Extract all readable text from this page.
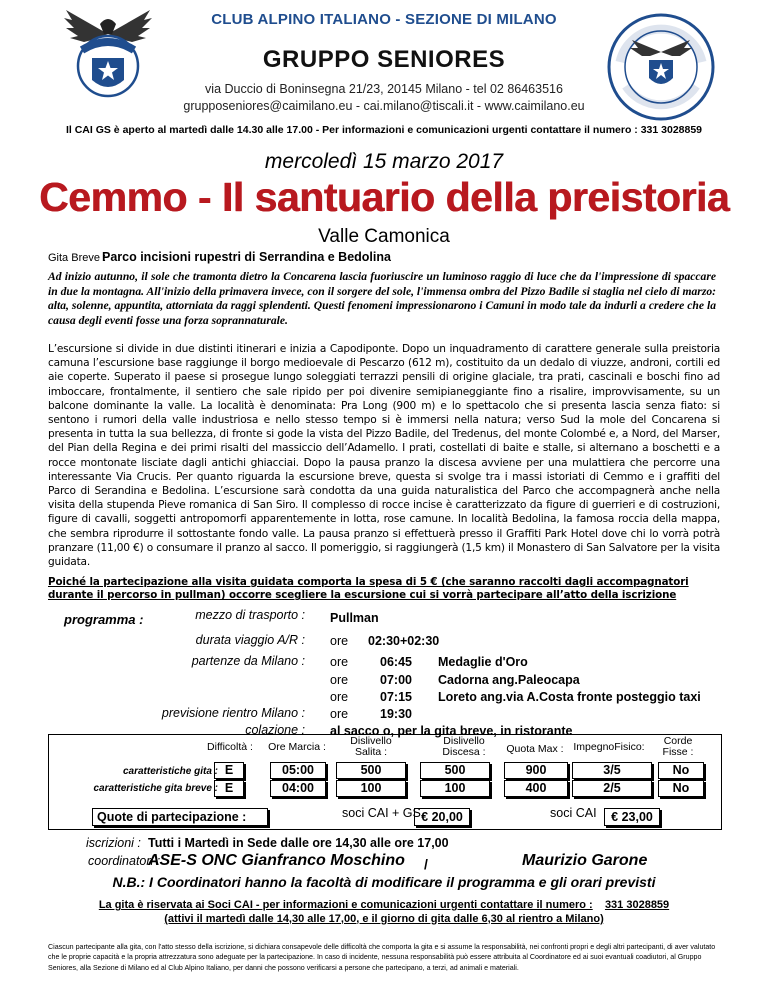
CLUB ALPINO ITALIANO - SEZIONE DI MILANO
GRUPPO SENIORES
via Duccio di Boninsegna 21/23, 20145 Milano - tel 02 86463516
grupposeniores@caimilano.eu - cai.milano@tiscali.it - www.caimilano.eu
Il CAI GS è aperto al martedì dalle 14.30 alle 17.00 - Per informazioni e comunicazioni urgenti contattare il numero : 331 3028859
mercoledì 15 marzo 2017
Cemmo - Il santuario della preistoria
Valle Camonica
Gita Breve :
Parco incisioni rupestri di Serrandina e Bedolina
Ad inizio autunno, il sole che tramonta dietro la Concarena lascia fuoriuscire un luminoso raggio di luce che da l'impressione di spaccare in due la montagna. All'inizio della primavera invece, con il sorgere del sole, l'immensa ombra del Pizzo Badile si staglia nel cielo di marzo: alta, solenne, appuntita, attorniata da raggi splendenti. Questi fenomeni impressionarono i Camuni in modo tale da indurli a credere che la causa degli eventi fosse una forza soprannaturale.
L’escursione si divide in due distinti itinerari e inizia a Capodiponte. Dopo un inquadramento di carattere generale sulla preistoria camuna l’escursione base raggiunge il borgo medioevale di Pescarzo (612 m), costituito da un dedalo di viuzze, androni, cortili ed aie coperte. Superato il paese si prosegue lungo soleggiati terrazzi pensili di origine glaciale, tra prati, cascinali e boschi fino ad imboccare, frontalmente, il sentiero che sale ripido per poi divenire semipianeggiante fino a risalire, improvvisamente, su un balcone dominante la valle. La località è denominata: Pra Long (900 m) e lo spettacolo che si presenta lascia senza fiato: si sentono i rumori della valle industriosa e nello stesso tempo si è immersi nella natura; verso Sud la mole del Concarena si presenta in tutta la sua bellezza, di fronte si gode la vista del Pizzo Badile, del Tredenus, del monte Colombé e, a Nord, del Marser, del Pian della Regina e dei primi risalti del massiccio dell’Adamello. I prati, costellati di baite e stalle, si alternano a boschetti e a rocce montonate lisciate dagli antichi ghiacciai. Dopo la pausa pranzo la discesa avviene per una mulattiera che percorre una interessante Via Crucis. Per quanto riguarda la escursione breve, questa si svolge tra i massi istoriati di Cemmo e i graffiti del Parco di Serandina e Bedolina. L’escursione sarà condotta da una guida naturalistica del Parco che accompagnerà anche nella visita della stupenda Pieve romanica di San Siro. Il complesso di rocce incise è caratterizzato da figure di guerrieri e di costruzioni, figure di cavalli, soggetti antropomorfi apparentemente in lotta, rose camune. In località Bedolina, la famosa roccia della mappa, che sembra riprodurre il sottostante fondo valle. La pausa pranzo si effettuerà presso il Graffiti Park Hotel dove chi lo vorrà potrà pranzare (11,00 €) o consumare il pranzo al sacco. Il pomeriggio, si raggiungerà (1,5 km) il Monastero di San Salvatore per la visita guidata.
Poiché la partecipazione alla visita guidata comporta la spesa di 5 € (che saranno raccolti dagli accompagnatori durante il percorso in pullman) occorre scegliere la escursione cui si vorrà partecipare all’atto della iscrizione
programma :	mezzo di trasporto : Pullman
durata viaggio A/R : ore 02:30+02:30
partenze da Milano : ore	06:45 Medaglie d'Oro
ore	07:00 Cadorna ang.Paleocapa
ore	07:15 Loreto ang.via A.Costa fronte posteggio taxi
previsione rientro Milano : ore	19:30
colazione : al sacco o, per la gita breve, in ristorante
Difficoltà :	Ore Marcia :	Dislivello Salita :
Dislivello Discesa :	Quota Max : ImpegnoFisico:	Corde Fisse :
caratteristiche gita : E	05:00	500	500	900	3/5	No
caratteristiche gita breve : E	04:00	100	100	400	2/5	No
Quote di partecipazione :	soci CAI + GS € 20,00	soci CAI	€ 23,00
iscrizioni : Tutti i Martedì in Sede dalle ore 14,30 alle ore 17,00
coordinatori :
ASE-S ONC Gianfranco Moschino /	Maurizio Garone
N.B.: I Coordinatori hanno la facoltà di modificare il programma e gli orari previsti
La gita è riservata ai Soci CAI - per informazioni e comunicazioni urgenti contattare il numero : 331 3028859
(attivi il martedì dalle 14,30 alle 17,00, e il giorno di gita dalle 6,30 al rientro a Milano)
Ciascun partecipante alla gita, con l'atto stesso della iscrizione, si dichiara consapevole delle difficoltà che comporta la gita e si assume la responsabilità, nei confronti propri e degli altri partecipanti, di aver valutato che le proprie capacità e la propria attrezzatura sono adeguate per la partecipazione. In caso di incidente, nessuna responsabilità può essere attribuita al Coordinatore ed ai suoi evantuali coadiutori, al Gruppo Seniores, alla Sezione di Milano ed al Club Alpino Italiano, per danni che possono verificarsi a persone che partecipano, a terzi, ad animali e materiali.
